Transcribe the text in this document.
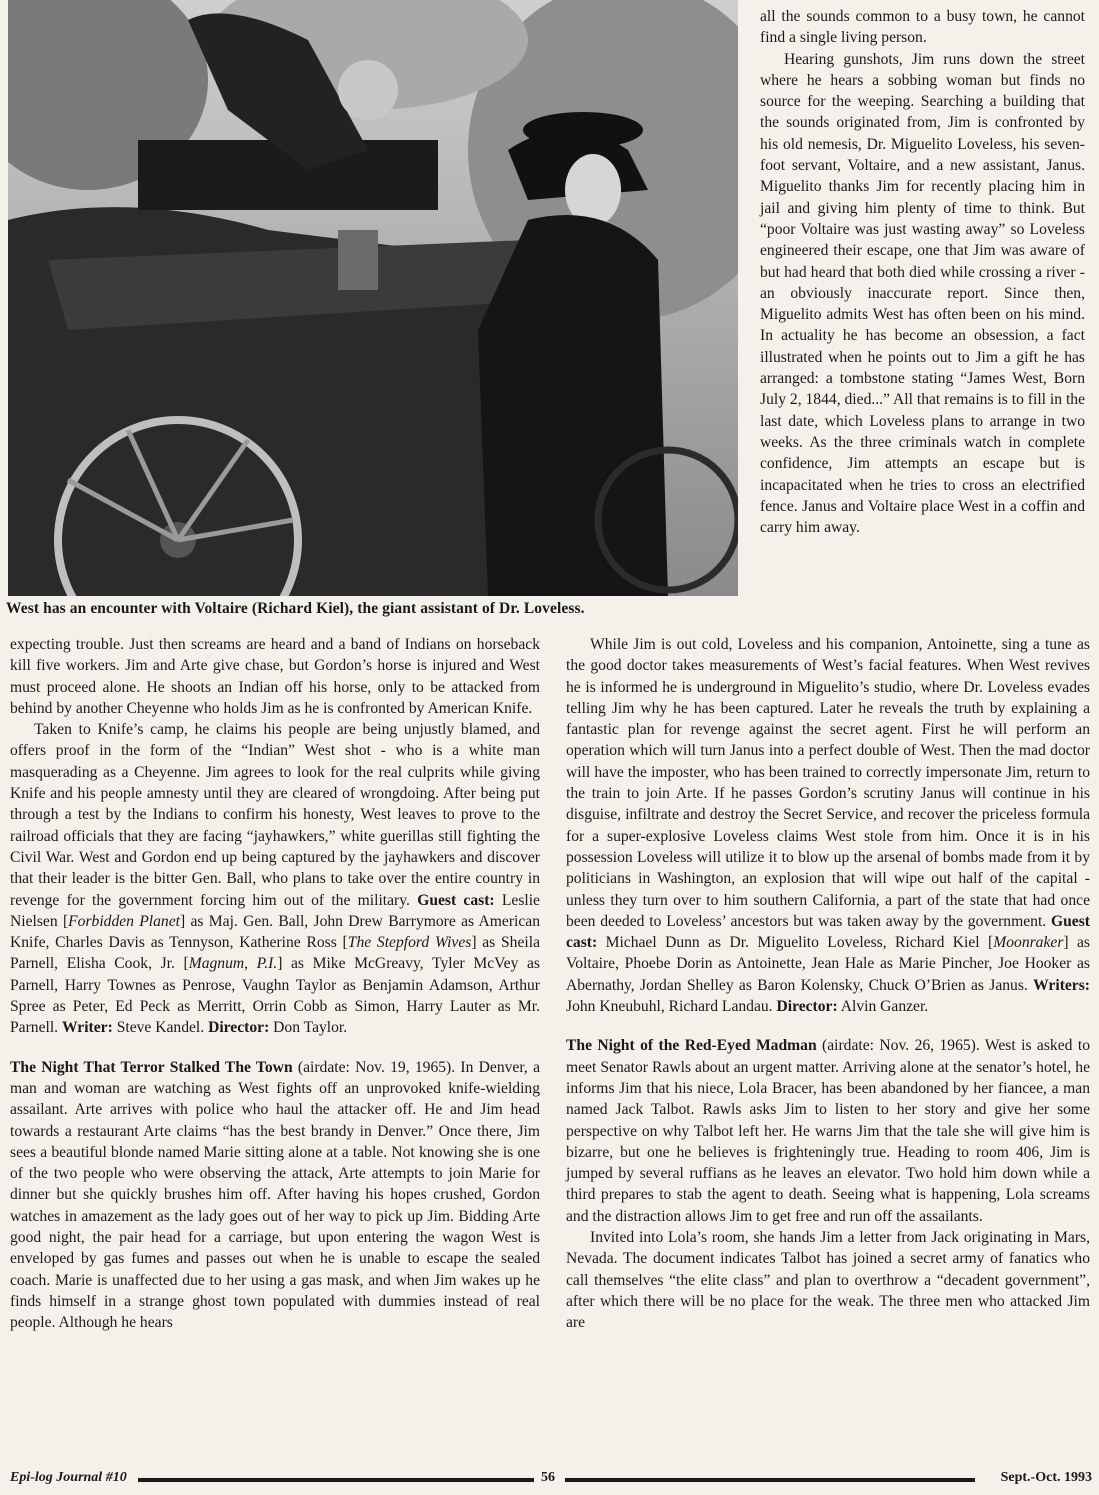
West has an encounter with Voltaire (Richard Kiel), the giant assistant of Dr. Loveless.

all the sounds common to a busy town, he cannot find a single living person.

Hearing gunshots, Jim runs down the street where he hears a sobbing woman but finds no source for the weeping. Searching a building that the sounds originated from, Jim is confronted by his old nemesis, Dr. Miguelito Loveless, his seven-foot servant, Voltaire, and a new assistant, Janus. Miguelito thanks Jim for recently placing him in jail and giving him plenty of time to think. But “poor Voltaire was just wasting away” so Loveless engineered their escape, one that Jim was aware of but had heard that both died while crossing a river - an obviously inaccurate report. Since then, Miguelito admits West has often been on his mind. In actuality he has become an obsession, a fact illustrated when he points out to Jim a gift he has arranged: a tombstone stating “James West, Born July 2, 1844, died...” All that remains is to fill in the last date, which Loveless plans to arrange in two weeks. As the three criminals watch in complete confidence, Jim attempts an escape but is incapacitated when he tries to cross an electrified fence. Janus and Voltaire place West in a coffin and carry him away.

expecting trouble. Just then screams are heard and a band of Indians on horseback kill five workers. Jim and Arte give chase, but Gordon’s horse is injured and West must proceed alone. He shoots an Indian off his horse, only to be attacked from behind by another Cheyenne who holds Jim as he is confronted by American Knife.

Taken to Knife’s camp, he claims his people are being unjustly blamed, and offers proof in the form of the “Indian” West shot - who is a white man masquerading as a Cheyenne. Jim agrees to look for the real culprits while giving Knife and his people amnesty until they are cleared of wrongdoing. After being put through a test by the Indians to confirm his honesty, West leaves to prove to the railroad officials that they are facing “jayhawkers,” white guerillas still fighting the Civil War. West and Gordon end up being captured by the jayhawkers and discover that their leader is the bitter Gen. Ball, who plans to take over the entire country in revenge for the government forcing him out of the military. Guest cast: Leslie Nielsen [Forbidden Planet] as Maj. Gen. Ball, John Drew Barrymore as American Knife, Charles Davis as Tennyson, Katherine Ross [The Stepford Wives] as Sheila Parnell, Elisha Cook, Jr. [Magnum, P.I.] as Mike McGreavy, Tyler McVey as Parnell, Harry Townes as Penrose, Vaughn Taylor as Benjamin Adamson, Arthur Spree as Peter, Ed Peck as Merritt, Orrin Cobb as Simon, Harry Lauter as Mr. Parnell. Writer: Steve Kandel. Director: Don Taylor.

The Night That Terror Stalked The Town (airdate: Nov. 19, 1965). In Denver, a man and woman are watching as West fights off an unprovoked knife-wielding assailant. Arte arrives with police who haul the attacker off. He and Jim head towards a restaurant Arte claims “has the best brandy in Denver.” Once there, Jim sees a beautiful blonde named Marie sitting alone at a table. Not knowing she is one of the two people who were observing the attack, Arte attempts to join Marie for dinner but she quickly brushes him off. After having his hopes crushed, Gordon watches in amazement as the lady goes out of her way to pick up Jim. Bidding Arte good night, the pair head for a carriage, but upon entering the wagon West is enveloped by gas fumes and passes out when he is unable to escape the sealed coach. Marie is unaffected due to her using a gas mask, and when Jim wakes up he finds himself in a strange ghost town populated with dummies instead of real people. Although he hears

While Jim is out cold, Loveless and his companion, Antoinette, sing a tune as the good doctor takes measurements of West’s facial features. When West revives he is informed he is underground in Miguelito’s studio, where Dr. Loveless evades telling Jim why he has been captured. Later he reveals the truth by explaining a fantastic plan for revenge against the secret agent. First he will perform an operation which will turn Janus into a perfect double of West. Then the mad doctor will have the imposter, who has been trained to correctly impersonate Jim, return to the train to join Arte. If he passes Gordon’s scrutiny Janus will continue in his disguise, infiltrate and destroy the Secret Service, and recover the priceless formula for a super-explosive Loveless claims West stole from him. Once it is in his possession Loveless will utilize it to blow up the arsenal of bombs made from it by politicians in Washington, an explosion that will wipe out half of the capital - unless they turn over to him southern California, a part of the state that had once been deeded to Loveless’ ancestors but was taken away by the government. Guest cast: Michael Dunn as Dr. Miguelito Loveless, Richard Kiel [Moonraker] as Voltaire, Phoebe Dorin as Antoinette, Jean Hale as Marie Pincher, Joe Hooker as Abernathy, Jordan Shelley as Baron Kolensky, Chuck O’Brien as Janus. Writers: John Kneubuhl, Richard Landau. Director: Alvin Ganzer.

The Night of the Red-Eyed Madman (airdate: Nov. 26, 1965). West is asked to meet Senator Rawls about an urgent matter. Arriving alone at the senator’s hotel, he informs Jim that his niece, Lola Bracer, has been abandoned by her fiancee, a man named Jack Talbot. Rawls asks Jim to listen to her story and give her some perspective on why Talbot left her. He warns Jim that the tale she will give him is bizarre, but one he believes is frighteningly true. Heading to room 406, Jim is jumped by several ruffians as he leaves an elevator. Two hold him down while a third prepares to stab the agent to death. Seeing what is happening, Lola screams and the distraction allows Jim to get free and run off the assailants.

Invited into Lola’s room, she hands Jim a letter from Jack originating in Mars, Nevada. The document indicates Talbot has joined a secret army of fanatics who call themselves “the elite class” and plan to overthrow a “decadent government”, after which there will be no place for the weak. The three men who attacked Jim are

Epi-log Journal #10	56	Sept.-Oct. 1993
